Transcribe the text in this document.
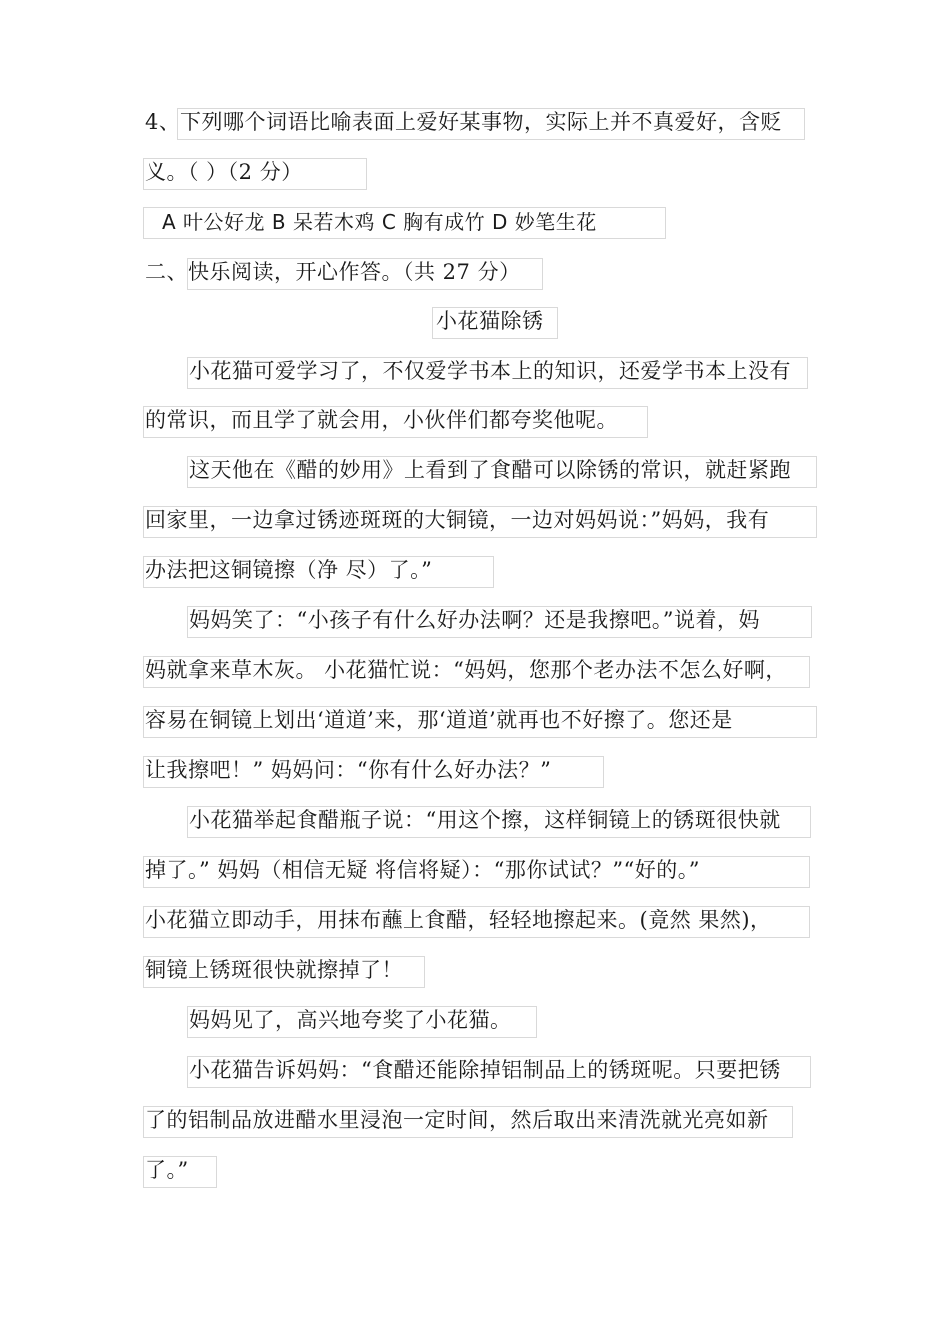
4、 下列哪个词语比喻表面上爱好某事物，实际上并不真爱好，含贬
义。（ ）（2 分）
A 叶公好龙 B 呆若木鸡 C 胸有成竹 D 妙笔生花
二、快乐阅读，开心作答。（共 27 分）
小花猫除锈
小花猫可爱学习了，不仅爱学书本上的知识，还爱学书本上没有
的常识，而且学了就会用，小伙伴们都夸奖他呢。
这天他在《醋的妙用》上看到了食醋可以除锈的常识，就赶紧跑
回家里，一边拿过锈迹斑斑的大铜镜，一边对妈妈说：”妈妈，我有
办法把这铜镜擦（净 尽）了。”
妈妈笑了：“小孩子有什么好办法啊？还是我擦吧。”说着，妈
妈就拿来草木灰。 小花猫忙说：“妈妈，您那个老办法不怎么好啊，
容易在铜镜上划出‘道道’来，那‘道道’就再也不好擦了。您还是
让我擦吧！” 妈妈问：“你有什么好办法？”
小花猫举起食醋瓶子说：“用这个擦，这样铜镜上的锈斑很快就
掉了。” 妈妈（相信无疑 将信将疑）：“那你试试？”“好的。”
小花猫立即动手，用抹布蘸上食醋，轻轻地擦起来。(竟然 果然)，
铜镜上锈斑很快就擦掉了！
妈妈见了，高兴地夸奖了小花猫。
小花猫告诉妈妈：“食醋还能除掉铝制品上的锈斑呢。只要把锈
了的铝制品放进醋水里浸泡一定时间，然后取出来清洗就光亮如新
了。”
